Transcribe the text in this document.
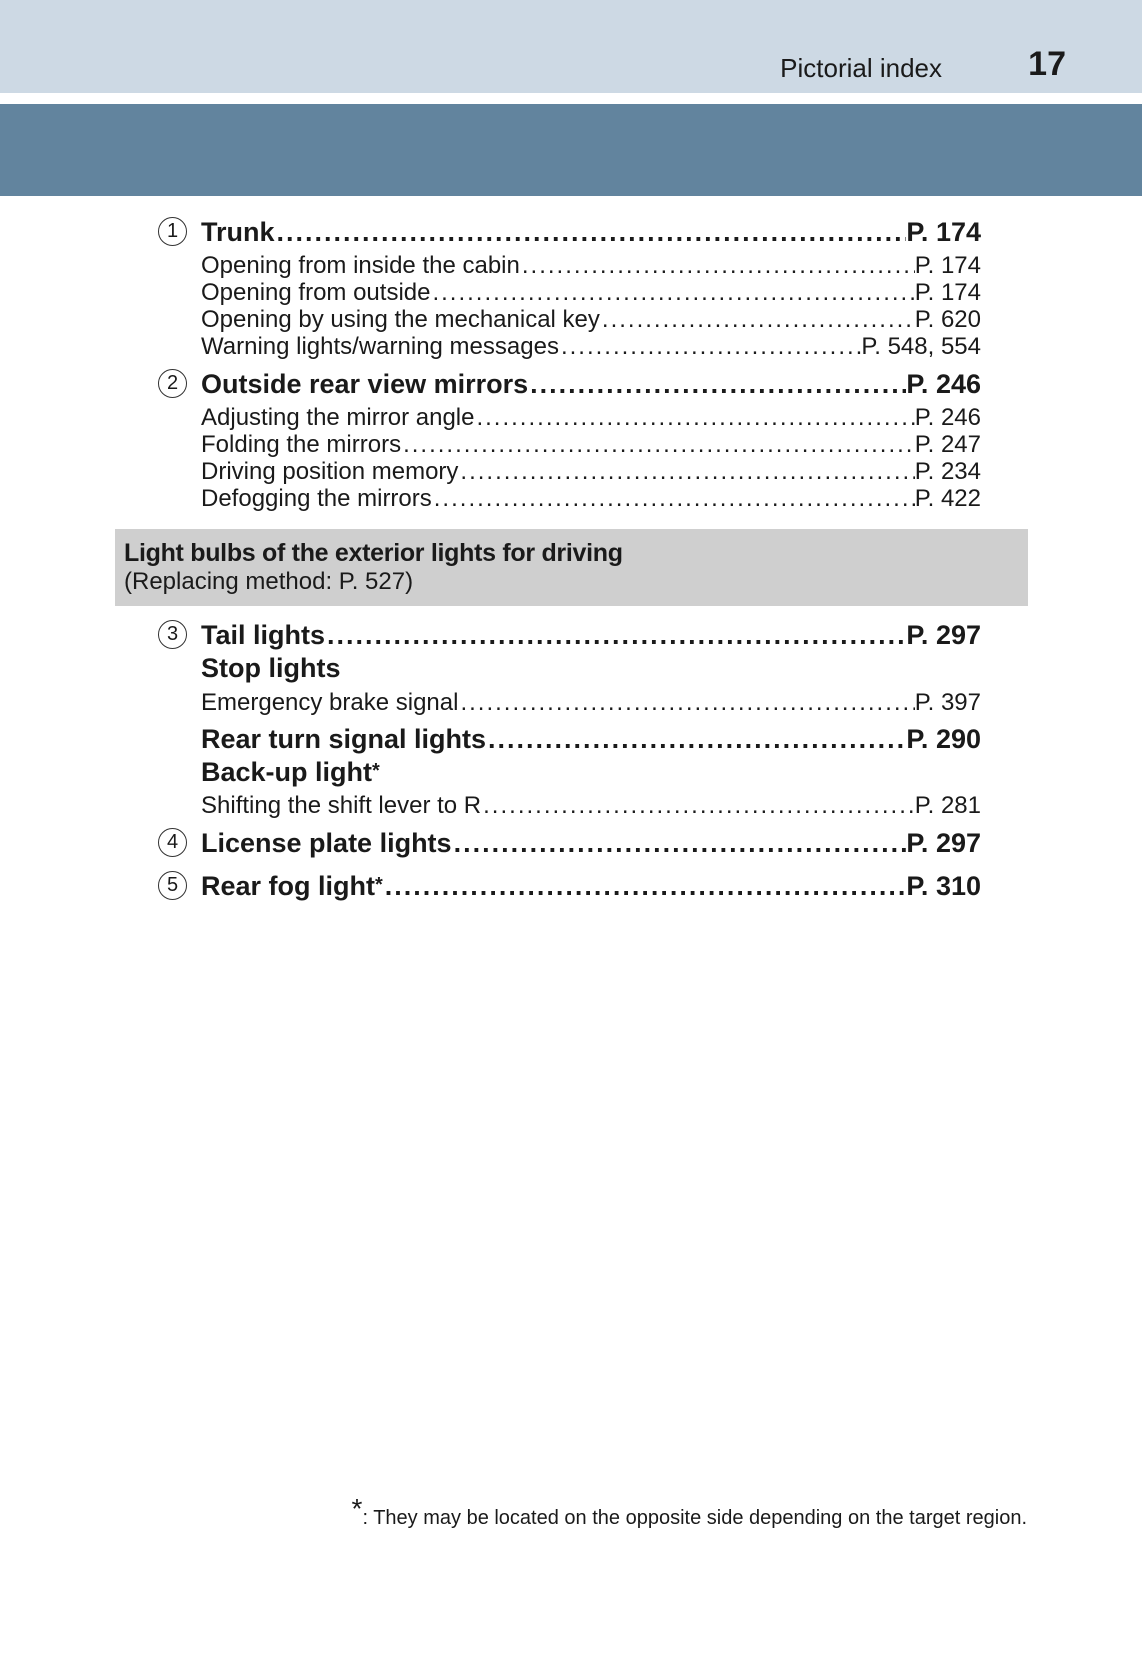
Pictorial index	17
1 Trunk .....	P. 174
Opening from inside the cabin .....	P. 174
Opening from outside .....	P. 174
Opening by using the mechanical key .....	P. 620
Warning lights/warning messages .....	P. 548, 554
2 Outside rear view mirrors .....	P. 246
Adjusting the mirror angle .....	P. 246
Folding the mirrors .....	P. 247
Driving position memory .....	P. 234
Defogging the mirrors .....	P. 422
Light bulbs of the exterior lights for driving
(Replacing method: P. 527)
3 Tail lights .....	P. 297
Stop lights
Emergency brake signal .....	P. 397
Rear turn signal lights .....	P. 290
Back-up light*
Shifting the shift lever to R .....	P. 281
4 License plate lights .....	P. 297
5 Rear fog light* .....	P. 310
*: They may be located on the opposite side depending on the target region.
